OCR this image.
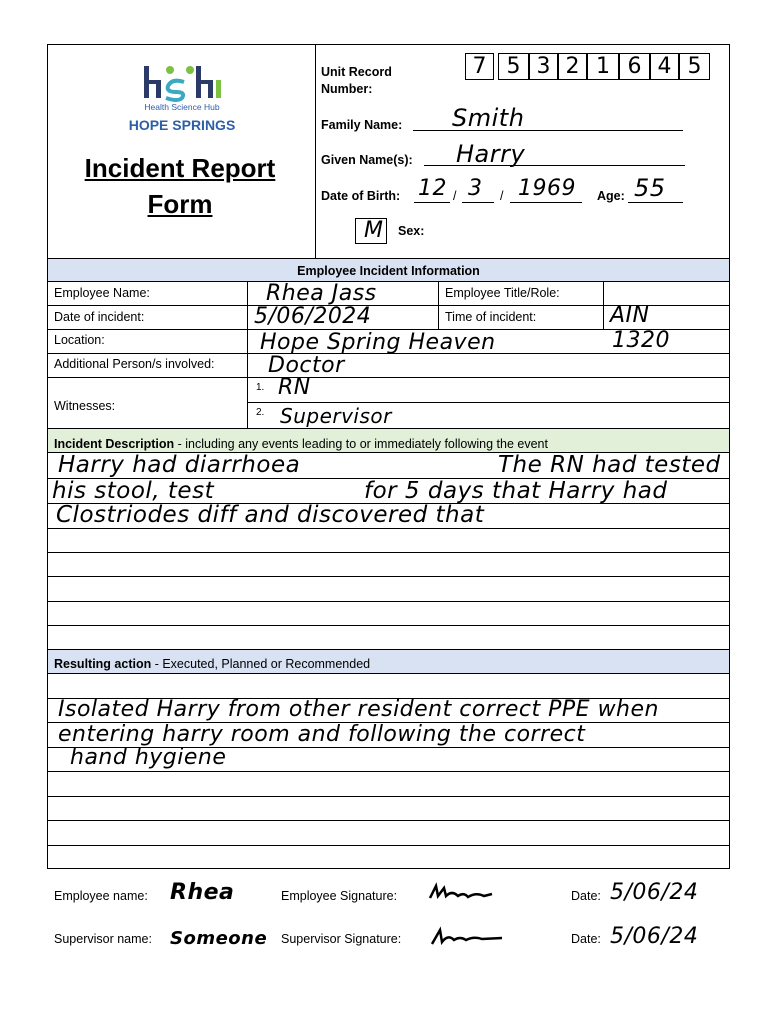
Health Science Hub
HOPE SPRINGS
Incident Report
Form
Unit Record Number:
7 5 3 2 1 6 4 5
Family Name: Smith
Given Name(s): Harry
Date of Birth: 12 / 3 / 1969 Age: 55
M Sex:
Employee Incident Information
Employee Name:	Rhea Jass	Employee Title/Role:
Date of incident:	5/06/2024	Time of incident:	AIN
Location:	Hope Spring Heaven	1320
Additional Person/s involved: Doctor
Witnesses:
1. RN
2. Supervisor
Incident Description - including any events leading to or immediately following the event
Harry had diarrhoea	The RN had tested
his stool, test	for 5 days that Harry had
Clostriodes diff and discovered that
Resulting action - Executed, Planned or Recommended
Isolated Harry from other resident correct PPE when
entering harry room and following the correct
hand hygiene
Employee name: Rhea	Employee Signature:	Date: 5/06/24
Supervisor name: Someone Supervisor Signature:	Date: 5/06/24
